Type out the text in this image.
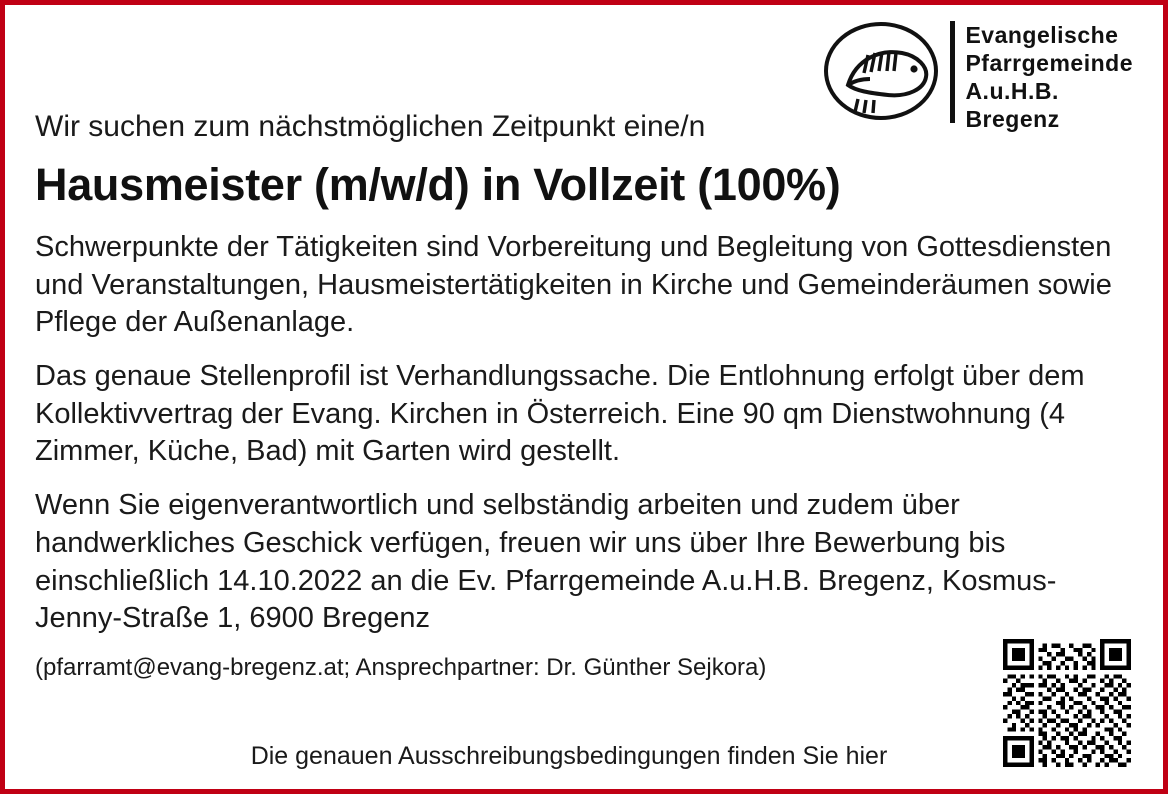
Evangelische
Pfarrgemeinde
A.u.H.B.
Bregenz
Wir suchen zum nächstmöglichen Zeitpunkt eine/n
Hausmeister (m/w/d) in Vollzeit (100%)

Schwerpunkte der Tätigkeiten sind Vorbereitung und Begleitung von Gottesdiensten und Veranstaltungen, Hausmeistertätigkeiten in Kirche und Gemeinderäumen sowie Pflege der Außenanlage.

Das genaue Stellenprofil ist Verhandlungssache. Die Entlohnung erfolgt über dem Kollektivvertrag der Evang. Kirchen in Österreich. Eine 90 qm Dienstwohnung (4 Zimmer, Küche, Bad) mit Garten wird gestellt.

Wenn Sie eigenverantwortlich und selbständig arbeiten und zudem über handwerkliches Geschick verfügen, freuen wir uns über Ihre Bewerbung bis einschließlich 14.10.2022 an die Ev. Pfarrgemeinde A.u.H.B. Bregenz, Kosmus-Jenny-Straße 1, 6900 Bregenz

(pfarramt@evang-bregenz.at; Ansprechpartner: Dr. Günther Sejkora)
Die genauen Ausschreibungsbedingungen finden Sie hier
